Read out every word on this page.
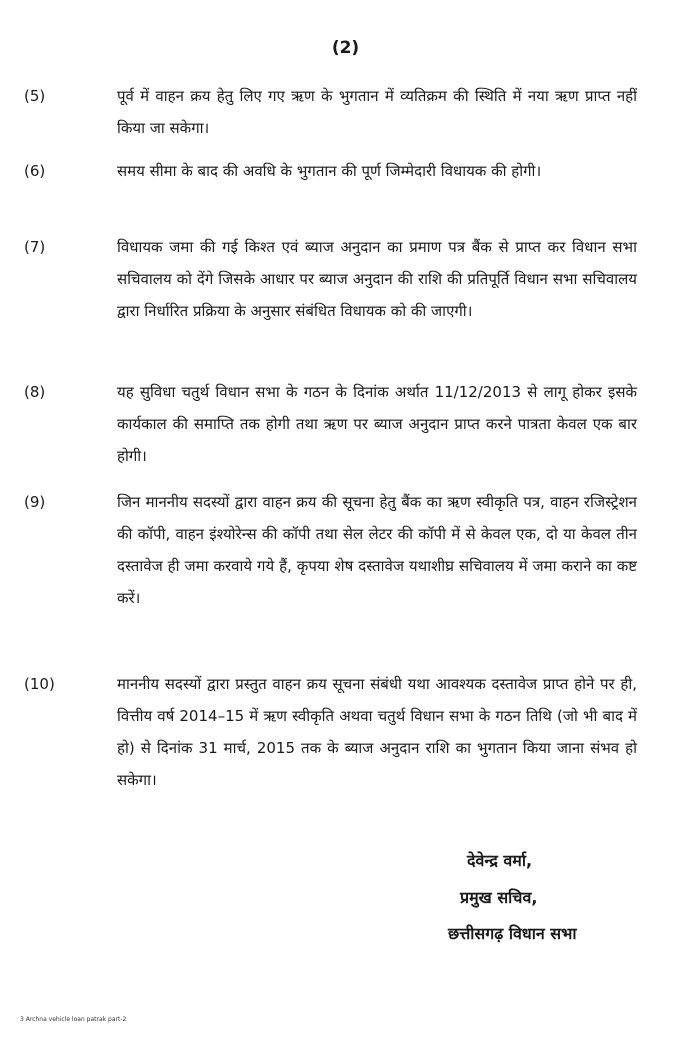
(2)
(5)	पूर्व में वाहन क्रय हेतु लिए गए ऋण के भुगतान में व्यतिक्रम की स्थिति में नया ऋण प्राप्त नहीं किया जा सकेगा।
(6)	समय सीमा के बाद की अवधि के भुगतान की पूर्ण जिम्मेदारी विधायक की होगी।
(7)	विधायक जमा की गई किश्त एवं ब्याज अनुदान का प्रमाण पत्र बैंक से प्राप्त कर विधान सभा सचिवालय को देंगे जिसके आधार पर ब्याज अनुदान की राशि की प्रतिपूर्ति विधान सभा सचिवालय द्वारा निर्धारित प्रक्रिया के अनुसार संबंधित विधायक को की जाएगी।
(8)	यह सुविधा चतुर्थ विधान सभा के गठन के दिनांक अर्थात 11/12/2013 से लागू होकर इसके कार्यकाल की समाप्ति तक होगी तथा ऋण पर ब्याज अनुदान प्राप्त करने पात्रता केवल एक बार होगी।
(9)	जिन माननीय सदस्यों द्वारा वाहन क्रय की सूचना हेतु बैंक का ऋण स्वीकृति पत्र, वाहन रजिस्ट्रेशन की कॉपी, वाहन इंश्योरेन्स की कॉपी तथा सेल लेटर की कॉपी में से केवल एक, दो या केवल तीन दस्तावेज ही जमा करवाये गये हैं, कृपया शेष दस्तावेज यथाशीघ्र सचिवालय में जमा कराने का कष्ट करें।
(10)	माननीय सदस्यों द्वारा प्रस्तुत वाहन क्रय सूचना संबंधी यथा आवश्यक दस्तावेज प्राप्त होने पर ही, वित्तीय वर्ष 2014–15 में ऋण स्वीकृति अथवा चतुर्थ विधान सभा के गठन तिथि (जो भी बाद में हो) से दिनांक 31 मार्च, 2015 तक के ब्याज अनुदान राशि का भुगतान किया जाना संभव हो सकेगा।
देवेन्द्र वर्मा,
प्रमुख सचिव,
छत्तीसगढ़ विधान सभा
3 Archna vehicle loan patrak part-2
